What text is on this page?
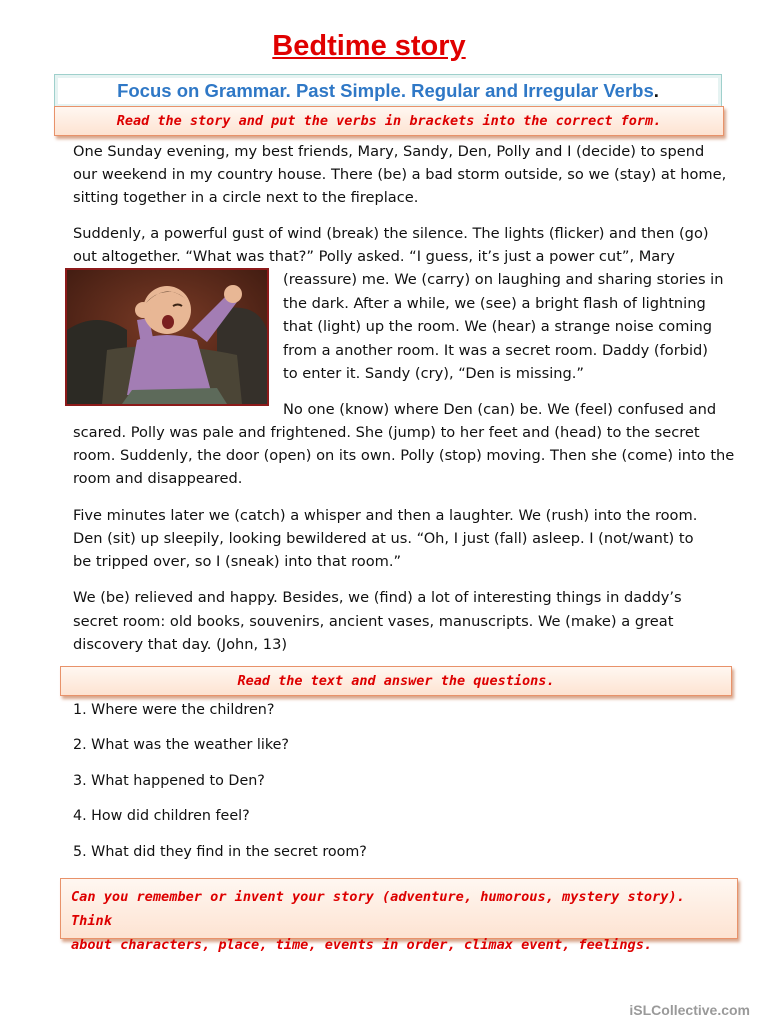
Bedtime story
Focus on Grammar. Past Simple. Regular and Irregular Verbs.
Read the story and put the verbs in brackets into the correct form.
One Sunday evening, my best friends, Mary, Sandy, Den, Polly and I (decide) to spend
our weekend in my country house. There (be) a bad storm outside, so we (stay) at home,
sitting together in a circle next to the fireplace.
Suddenly, a powerful gust of wind (break) the silence. The lights (flicker) and then (go)
out altogether. “What was that?” Polly asked. “I guess, it’s just a power cut”, Mary
(reassure) me. We (carry) on laughing and sharing stories in
the dark. After a while, we (see) a bright flash of lightning
that (light) up the room. We (hear) a strange noise coming
from a another room. It was a secret room. Daddy (forbid)
to enter it. Sandy (cry), “Den is missing.”
No one (know) where Den (can) be. We (feel) confused and
scared. Polly was pale and frightened. She (jump) to her feet and (head) to the secret
room. Suddenly, the door (open) on its own. Polly (stop) moving. Then she (come) into the
room and disappeared.
Five minutes later we (catch) a whisper and then a laughter. We (rush) into the room.
Den (sit) up sleepily, looking bewildered at us. “Oh, I just (fall) asleep. I (not/want) to
be tripped over, so I (sneak) into that room.”
We (be) relieved and happy. Besides, we (find) a lot of interesting things in daddy’s
secret room: old books, souvenirs, ancient vases, manuscripts. We (make) a great
discovery that day. (John, 13)
Read the text and answer the questions.
1. Where were the children?
2. What was the weather like?
3. What happened to Den?
4. How did children feel?
5. What did they find in the secret room?
Can you remember or invent your story (adventure, humorous, mystery story). Think
about characters, place, time, events in order, climax event, feelings.
iSLCollective.com
